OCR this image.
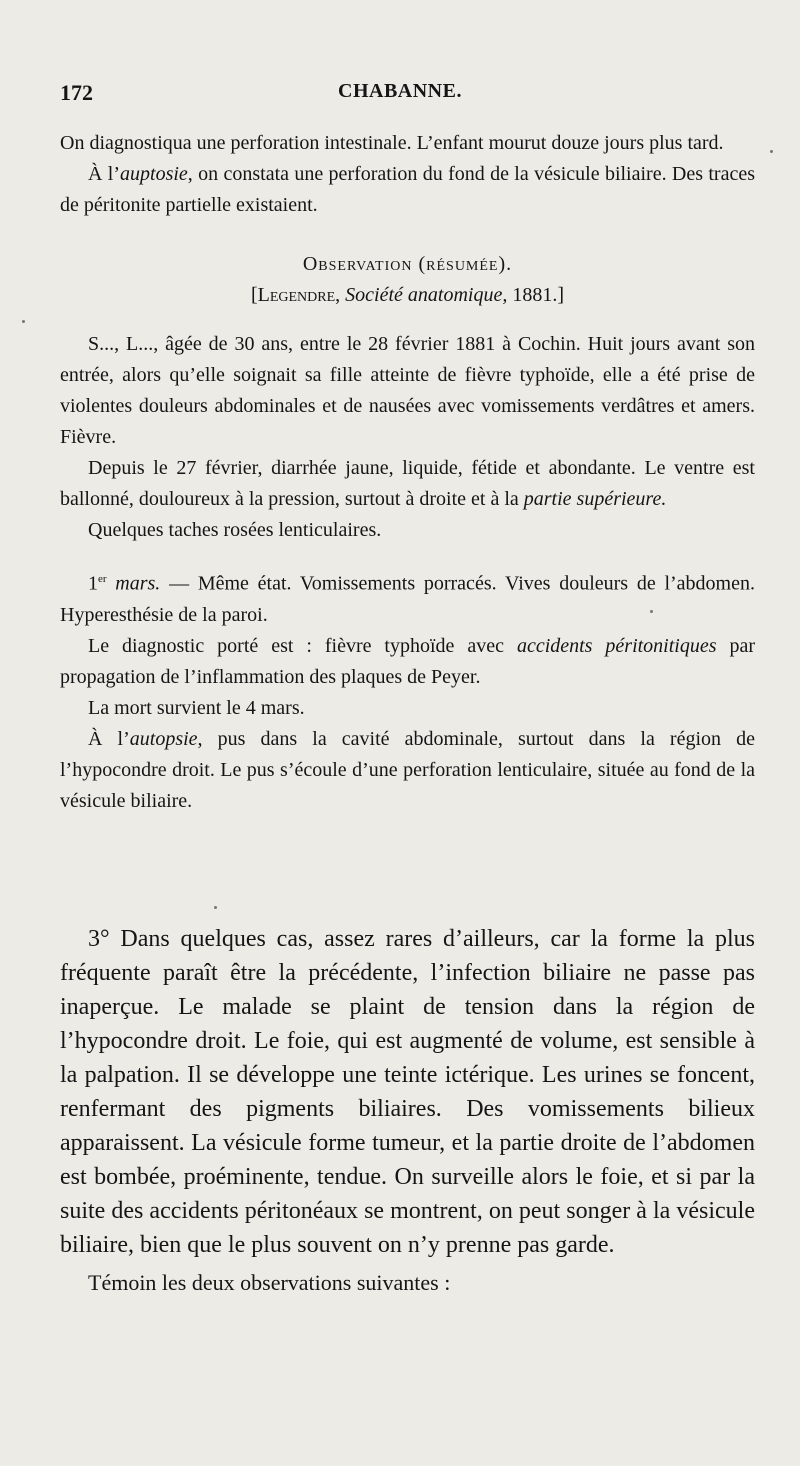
172	CHABANNE.

On diagnostiqua une perforation intestinale. L’enfant mourut douze jours plus tard.

À l’auptosie, on constata une perforation du fond de la vésicule biliaire. Des traces de péritonite partielle existaient.

Observation (résumée).

[Legendre, Société anatomique, 1881.]

S..., L..., âgée de 30 ans, entre le 28 février 1881 à Cochin. Huit jours avant son entrée, alors qu’elle soignait sa fille atteinte de fièvre typhoïde, elle a été prise de violentes douleurs abdominales et de nausées avec vomissements verdâtres et amers. Fièvre.

Depuis le 27 février, diarrhée jaune, liquide, fétide et abondante. Le ventre est ballonné, douloureux à la pression, surtout à droite et à la partie supérieure.

Quelques taches rosées lenticulaires.

1er mars. — Même état. Vomissements porracés. Vives douleurs de l’abdomen. Hyperesthésie de la paroi.

Le diagnostic porté est : fièvre typhoïde avec accidents péritonitiques par propagation de l’inflammation des plaques de Peyer.

La mort survient le 4 mars.

À l’autopsie, pus dans la cavité abdominale, surtout dans la région de l’hypocondre droit. Le pus s’écoule d’une perforation lenticulaire, située au fond de la vésicule biliaire.

3° Dans quelques cas, assez rares d’ailleurs, car la forme la plus fréquente paraît être la précédente, l’infection biliaire ne passe pas inaperçue. Le malade se plaint de tension dans la région de l’hypocondre droit. Le foie, qui est augmenté de volume, est sensible à la palpation. Il se développe une teinte ictérique. Les urines se foncent, renfermant des pigments biliaires. Des vomissements bilieux apparaissent. La vésicule forme tumeur, et la partie droite de l’abdomen est bombée, proéminente, tendue. On surveille alors le foie, et si par la suite des accidents péritonéaux se montrent, on peut songer à la vésicule biliaire, bien que le plus souvent on n’y prenne pas garde.

Témoin les deux observations suivantes :
